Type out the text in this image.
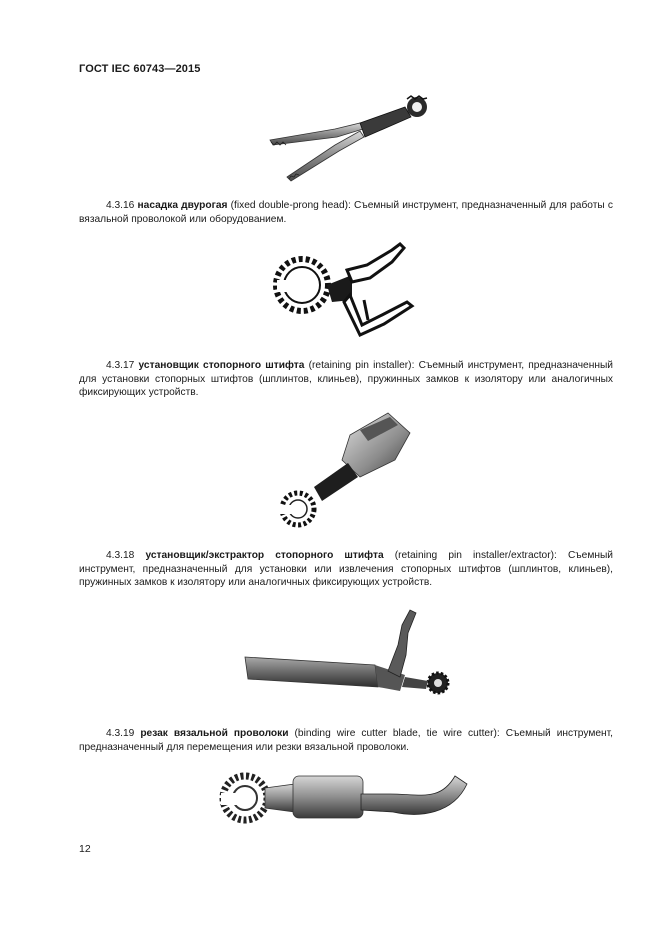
ГОСТ IEC 60743—2015
4.3.16 насадка двурогая (fixed double-prong head): Съемный инструмент, предназначенный для работы с вязальной проволокой или оборудованием.
4.3.17 установщик стопорного штифта (retaining pin installer): Съемный инструмент, предназначенный для установки стопорных штифтов (шплинтов, клиньев), пружинных замков к изолятору или аналогичных фиксирующих устройств.
4.3.18 установщик/экстрактор стопорного штифта (retaining pin installer/extractor): Съемный инструмент, предназначенный для установки или извлечения стопорных штифтов (шплинтов, клиньев), пружинных замков к изолятору или аналогичных фиксирующих устройств.
4.3.19 резак вязальной проволоки (binding wire cutter blade, tie wire cutter): Съемный инструмент, предназначенный для перемещения или резки вязальной проволоки.
12
